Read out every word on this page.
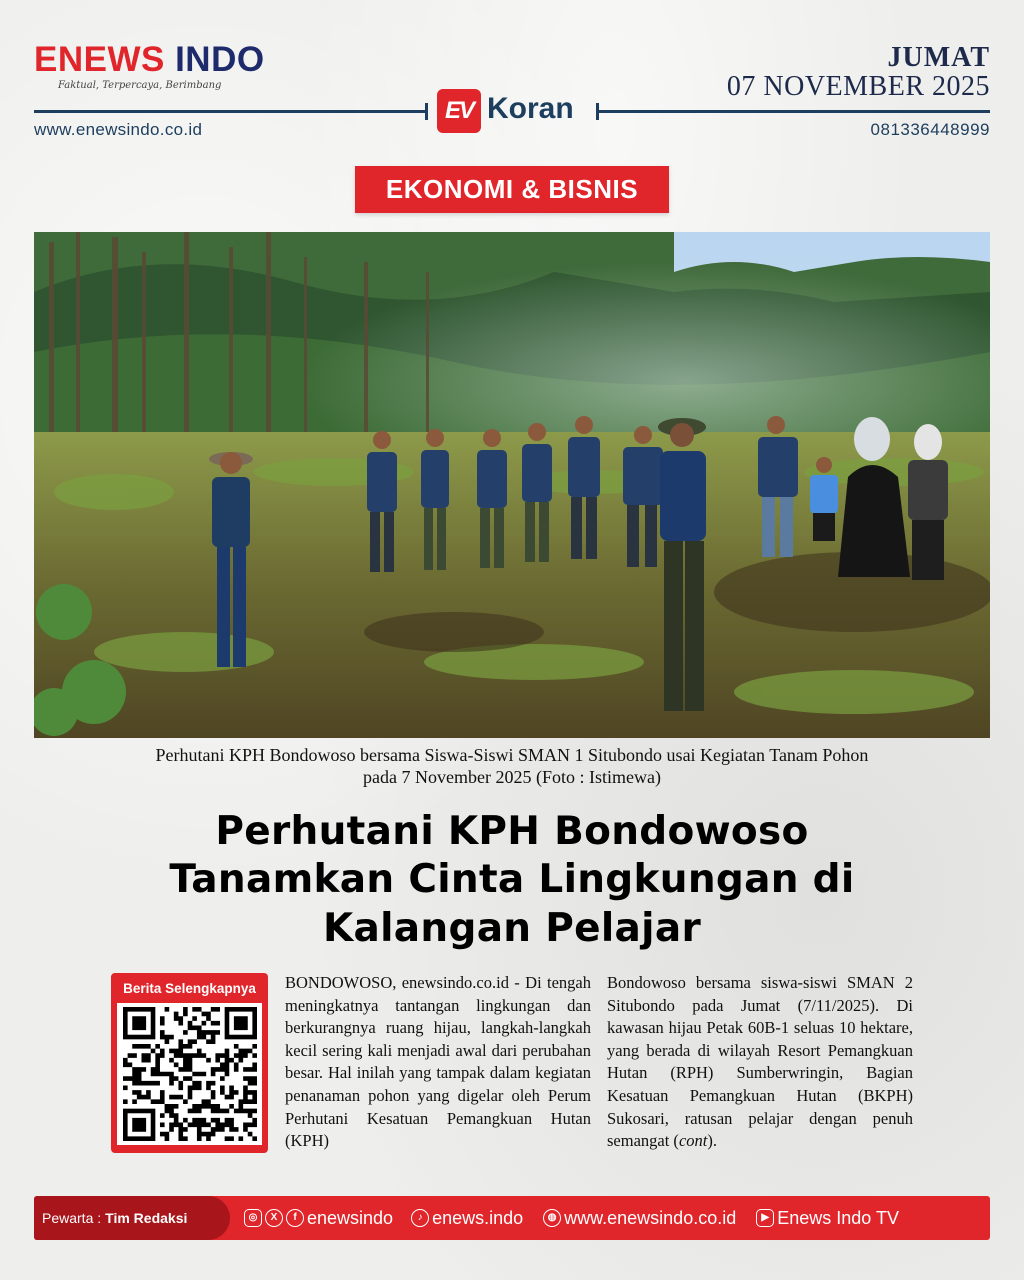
ENEWS INDO
Faktual, Terpercaya, Berimbang
JUMAT
07 NOVEMBER 2025
EV Koran
www.enewsindo.co.id	081336448999
EKONOMI & BISNIS
Perhutani KPH Bondowoso bersama Siswa-Siswi SMAN 1 Situbondo usai Kegiatan Tanam Pohon
pada 7 November 2025 (Foto : Istimewa)
Perhutani KPH Bondowoso
Tanamkan Cinta Lingkungan di
Kalangan Pelajar
Berita Selengkapnya	BONDOWOSO, enewsindo.co.id - Di tengah meningkatnya tantangan lingkungan dan berkurangnya ruang hijau, langkah-langkah kecil sering kali menjadi awal dari perubahan besar. Hal inilah yang tampak dalam kegiatan penanaman pohon yang digelar oleh Perum Perhutani Kesatuan Pemangkuan Hutan (KPH)
Bondowoso bersama siswa-siswi SMAN 2 Situbondo pada Jumat (7/11/2025). Di kawasan hijau Petak 60B-1 seluas 10 hektare, yang berada di wilayah Resort Pemangkuan Hutan (RPH) Sumberwringin, Bagian Kesatuan Pemangkuan Hutan (BKPH) Sukosari, ratusan pelajar dengan penuh semangat (cont).
Pewarta : Tim Redaksi	◎	X	f enewsindo	♪ enews.indo	◍ www.enewsindo.co.id	▶ Enews Indo TV
